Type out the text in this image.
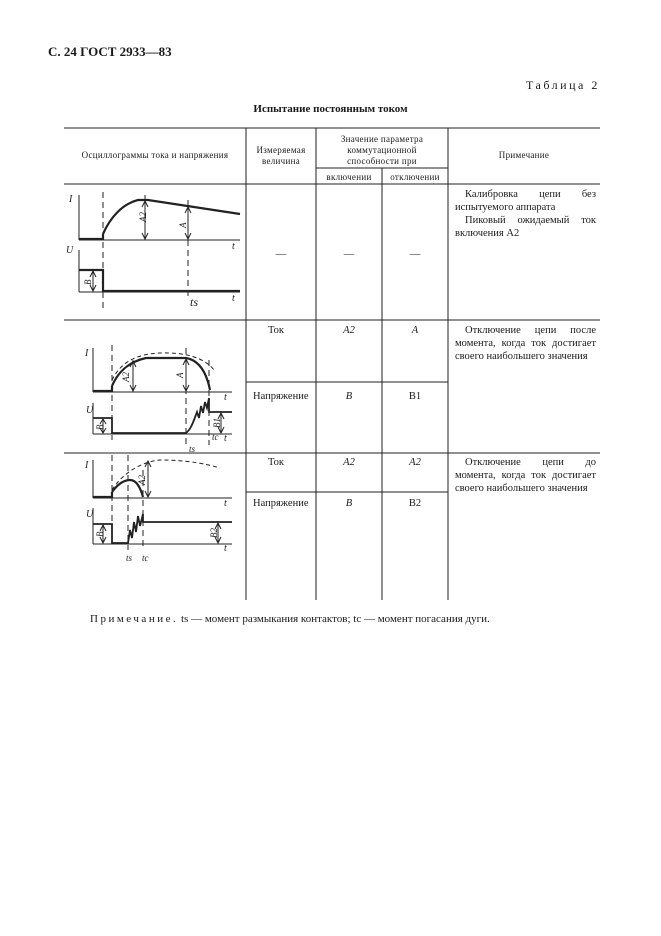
С. 24 ГОСТ 2933—83
Таблица 2
Испытание постоянным током
Осциллограммы тока и напряжения	Измеряемая величина
Значение параметра коммутационной способности при
включении	отключении
Примечание
—	—	—
Калибровка цепи без испытуемого аппарата
Пиковый ожидаемый ток включения A2
Ток	A2	A
Напряжение	B	B1
Отключение цепи после момента, когда ток достигает своего наибольшего значения
Ток	A2	A2
Напряжение	B	B2
Отключение цепи до момента, когда ток достигает своего наибольшего значения
I
t
U
t
A2
A
B
ts
I
t
U
t
A2	A
B	B1
ts
tc
I
t
U
t
A2
B	B2
ts tc
Примечание. ts — момент размыкания контактов; tc — момент погасания дуги.
